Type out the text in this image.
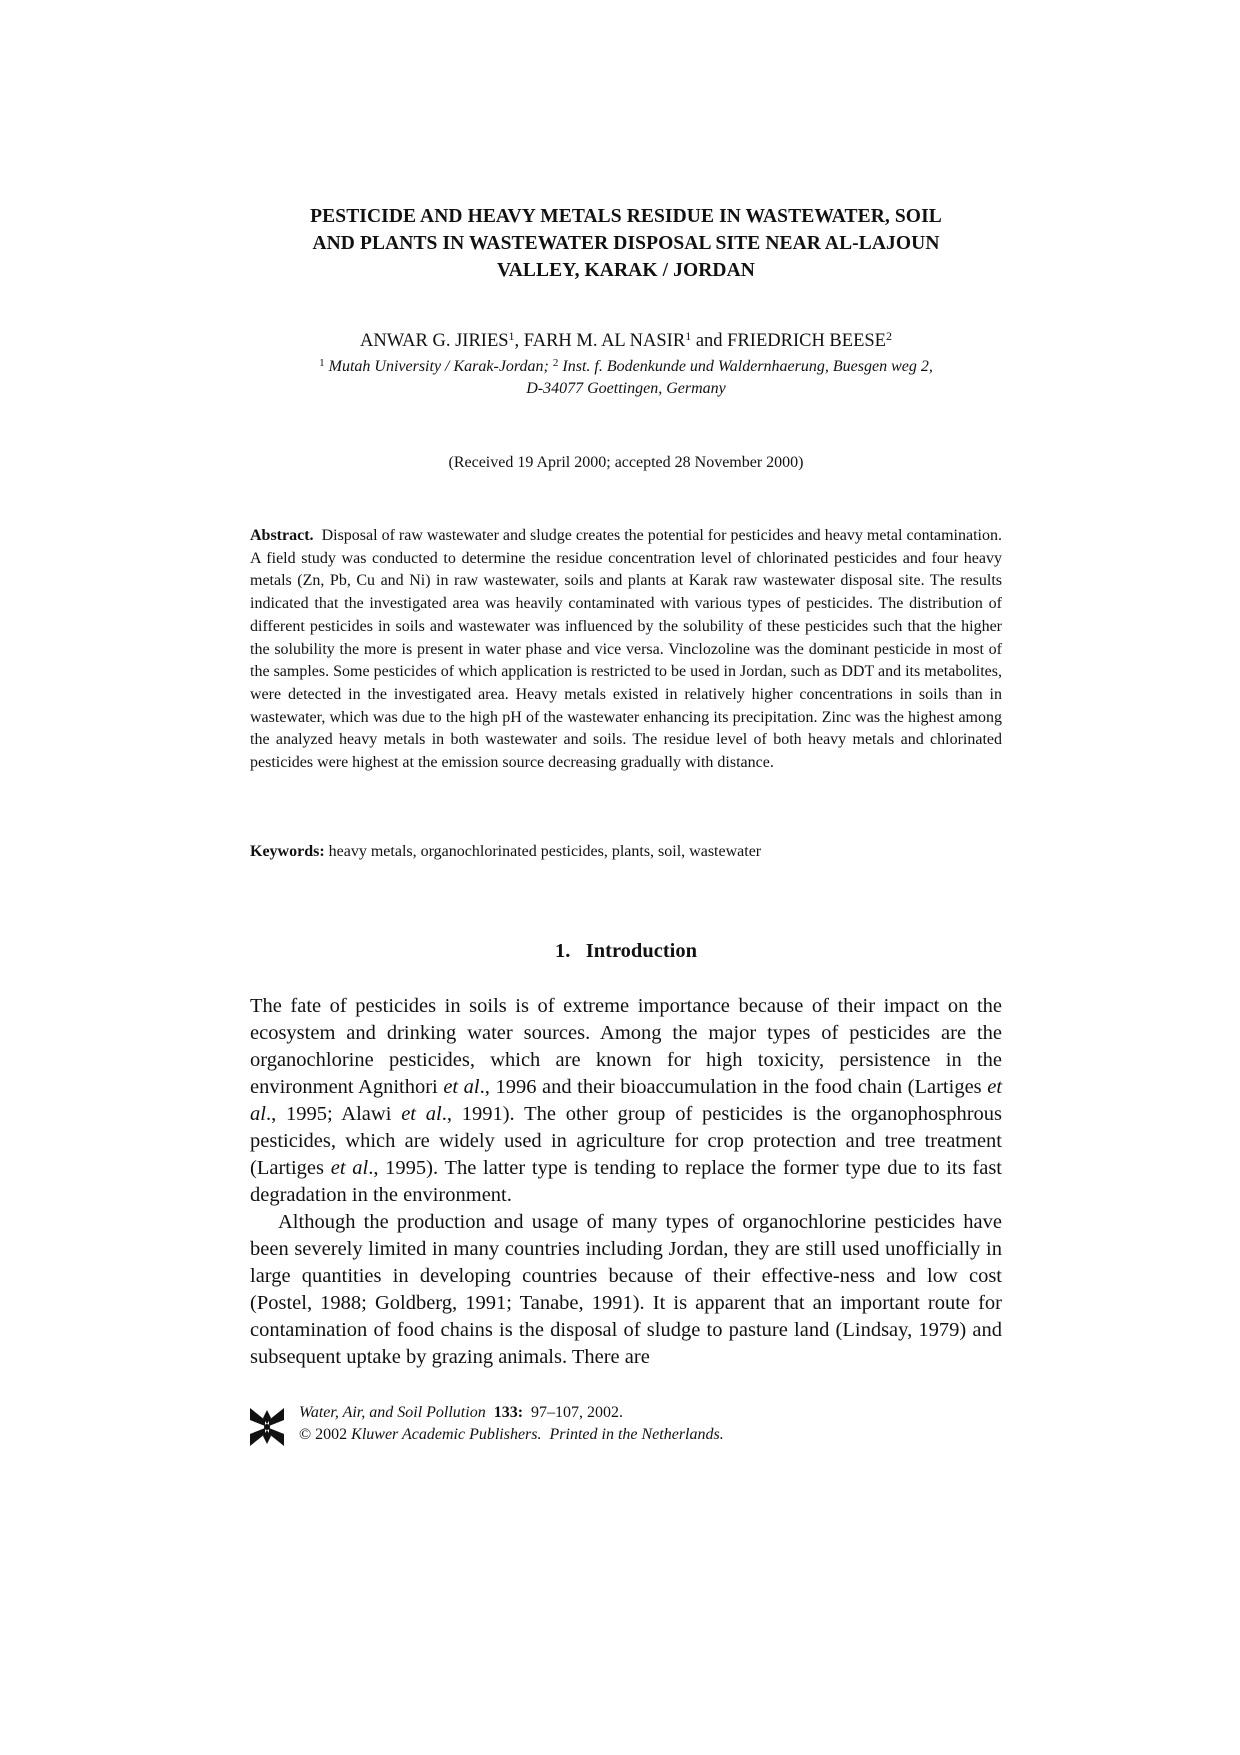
PESTICIDE AND HEAVY METALS RESIDUE IN WASTEWATER, SOIL
AND PLANTS IN WASTEWATER DISPOSAL SITE NEAR AL-LAJOUN
VALLEY, KARAK / JORDAN
ANWAR G. JIRIES$^1$, FARH M. AL NASIR$^1$ and FRIEDRICH BEESE$^2$
$^1$ Mutah University / Karak-Jordan; $^2$ Inst. f. Bodenkunde und Waldernhaerung, Buesgen weg 2,
D-34077 Goettingen, Germany
(Received 19 April 2000; accepted 28 November 2000)
Abstract. Disposal of raw wastewater and sludge creates the potential for pesticides and heavy metal contamination. A field study was conducted to determine the residue concentration level of chlorinated pesticides and four heavy metals (Zn, Pb, Cu and Ni) in raw wastewater, soils and plants at Karak raw wastewater disposal site. The results indicated that the investigated area was heavily contaminated with various types of pesticides. The distribution of different pesticides in soils and wastewater was influenced by the solubility of these pesticides such that the higher the solubility the more is present in water phase and vice versa. Vinclozoline was the dominant pesticide in most of the samples. Some pesticides of which application is restricted to be used in Jordan, such as DDT and its metabolites, were detected in the investigated area. Heavy metals existed in relatively higher concentrations in soils than in wastewater, which was due to the high pH of the wastewater enhancing its precipitation. Zinc was the highest among the analyzed heavy metals in both wastewater and soils. The residue level of both heavy metals and chlorinated pesticides were highest at the emission source decreasing gradually with distance.
Keywords: heavy metals, organochlorinated pesticides, plants, soil, wastewater
1.   Introduction

The fate of pesticides in soils is of extreme importance because of their impact on the ecosystem and drinking water sources. Among the major types of pesticides are the organochlorine pesticides, which are known for high toxicity, persistence in the environment Agnithori et al., 1996 and their bioaccumulation in the food chain (Lartiges et al., 1995; Alawi et al., 1991). The other group of pesticides is the organophosphrous pesticides, which are widely used in agriculture for crop protection and tree treatment (Lartiges et al., 1995). The latter type is tending to replace the former type due to its fast degradation in the environment.

Although the production and usage of many types of organochlorine pesticides have been severely limited in many countries including Jordan, they are still used unofficially in large quantities in developing countries because of their effective-ness and low cost (Postel, 1988; Goldberg, 1991; Tanabe, 1991). It is apparent that an important route for contamination of food chains is the disposal of sludge to pasture land (Lindsay, 1979) and subsequent uptake by grazing animals. There are

Water, Air, and Soil Pollution 133: 97–107, 2002.
© 2002 Kluwer Academic Publishers. Printed in the Netherlands.
